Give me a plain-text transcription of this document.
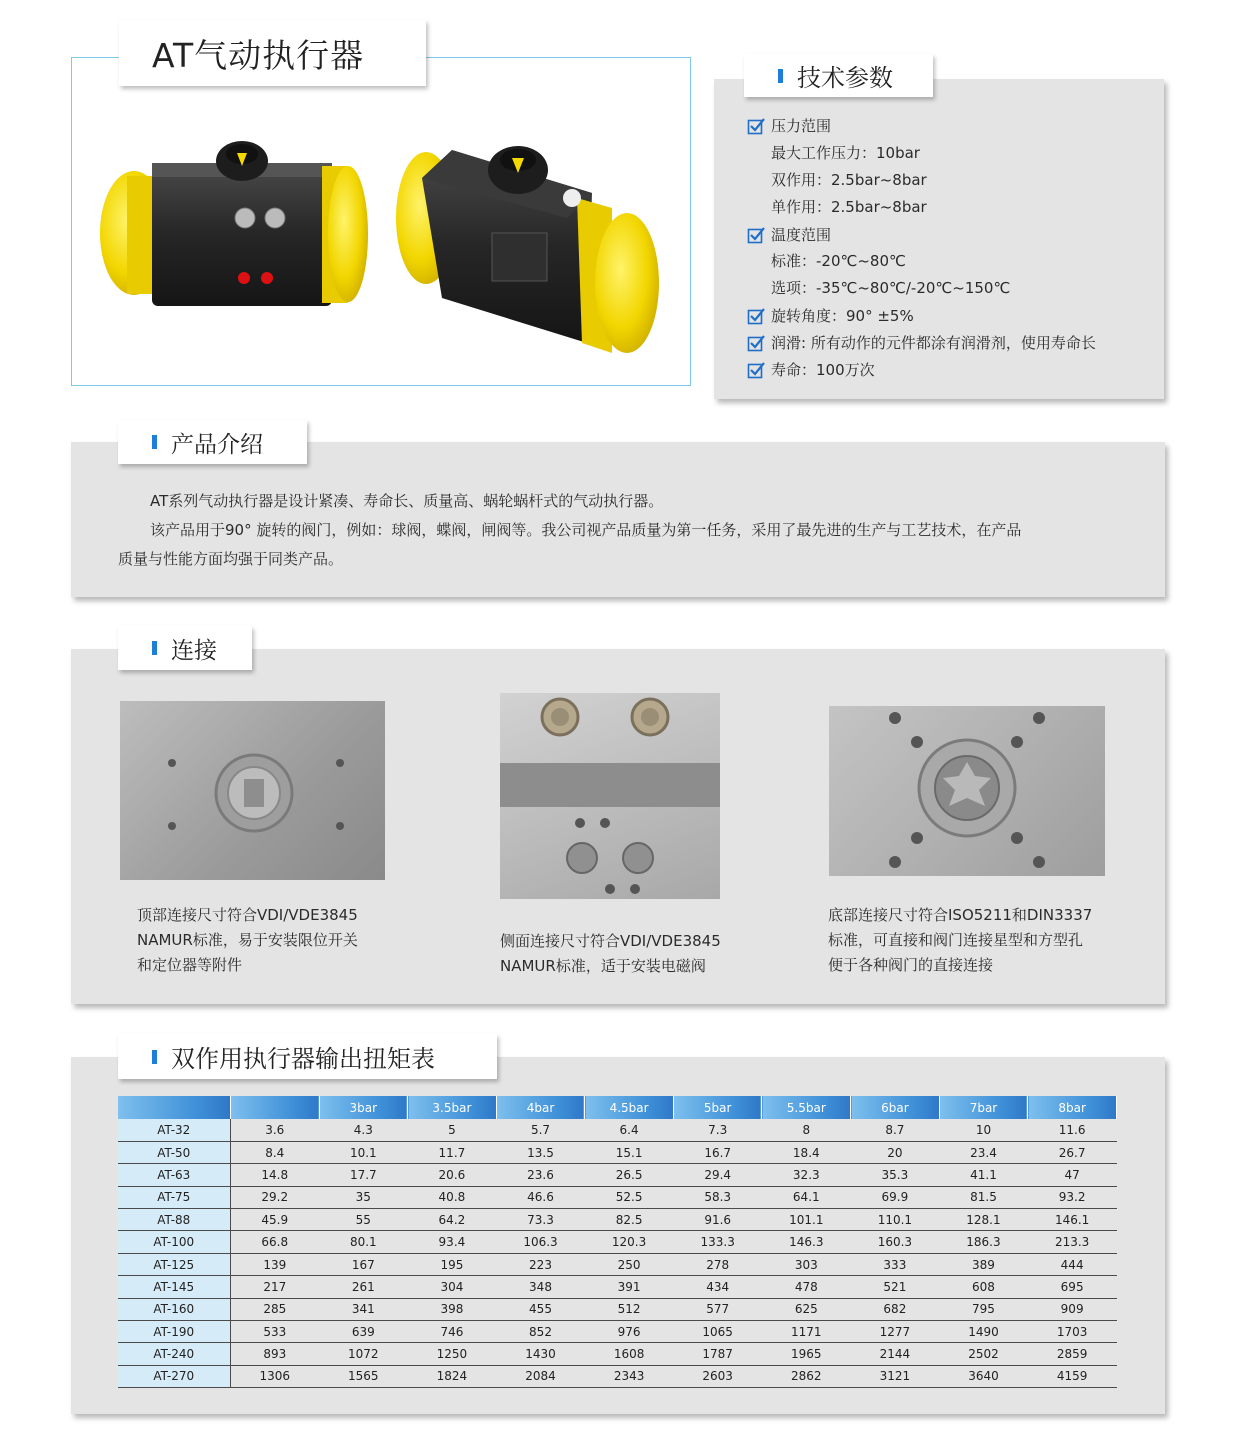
AT气动执行器
技术参数
压力范围
最大工作压力：10bar
双作用：2.5bar~8bar
单作用：2.5bar~8bar
温度范围
标准：-20℃~80℃
选项：-35℃~80℃/-20℃~150℃
旋转角度：90° ±5%
润滑: 所有动作的元件都涂有润滑剂，使用寿命长
寿命：100万次
产品介绍
AT系列气动执行器是设计紧凑、寿命长、质量高、蜗轮蜗杆式的气动执行器。
该产品用于90° 旋转的阀门，例如：球阀，蝶阀，闸阀等。我公司视产品质量为第一任务，采用了最先进的生产与工艺技术，在产品
质量与性能方面均强于同类产品。
连接
顶部连接尺寸符合VDI/VDE3845
NAMUR标准，易于安装限位开关
和定位器等附件
侧面连接尺寸符合VDI/VDE3845
NAMUR标准，适于安装电磁阀
底部连接尺寸符合ISO5211和DIN3337
标准，可直接和阀门连接星型和方型孔
便于各种阀门的直接连接
双作用执行器输出扭矩表
		3bar	3.5bar	4bar	4.5bar	5bar	5.5bar	6bar	7bar	8bar
AT-32	3.6	4.3	5	5.7	6.4	7.3	8	8.7	10	11.6
AT-50	8.4	10.1	11.7	13.5	15.1	16.7	18.4	20	23.4	26.7
AT-63	14.8	17.7	20.6	23.6	26.5	29.4	32.3	35.3	41.1	47
AT-75	29.2	35	40.8	46.6	52.5	58.3	64.1	69.9	81.5	93.2
AT-88	45.9	55	64.2	73.3	82.5	91.6	101.1	110.1	128.1	146.1
AT-100	66.8	80.1	93.4	106.3	120.3	133.3	146.3	160.3	186.3	213.3
AT-125	139	167	195	223	250	278	303	333	389	444
AT-145	217	261	304	348	391	434	478	521	608	695
AT-160	285	341	398	455	512	577	625	682	795	909
AT-190	533	639	746	852	976	1065	1171	1277	1490	1703
AT-240	893	1072	1250	1430	1608	1787	1965	2144	2502	2859
AT-270	1306	1565	1824	2084	2343	2603	2862	3121	3640	4159
